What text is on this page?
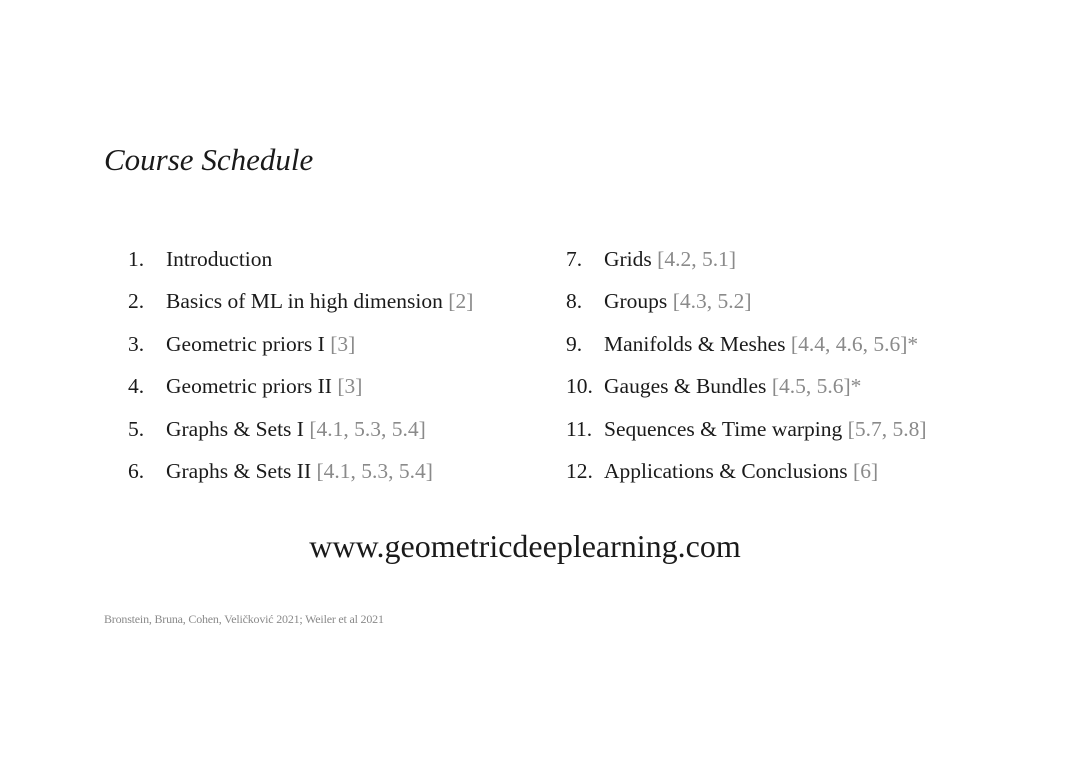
Course Schedule
1. Introduction
2. Basics of ML in high dimension [2]
3. Geometric priors I [3]
4. Geometric priors II [3]
5. Graphs & Sets I [4.1, 5.3, 5.4]
6. Graphs & Sets II [4.1, 5.3, 5.4]
7. Grids [4.2, 5.1]
8. Groups [4.3, 5.2]
9. Manifolds & Meshes [4.4, 4.6, 5.6]*
10. Gauges & Bundles [4.5, 5.6]*
11. Sequences & Time warping [5.7, 5.8]
12. Applications & Conclusions [6]
www.geometricdeeplearning.com
Bronstein, Bruna, Cohen, Veličković 2021; Weiler et al 2021
